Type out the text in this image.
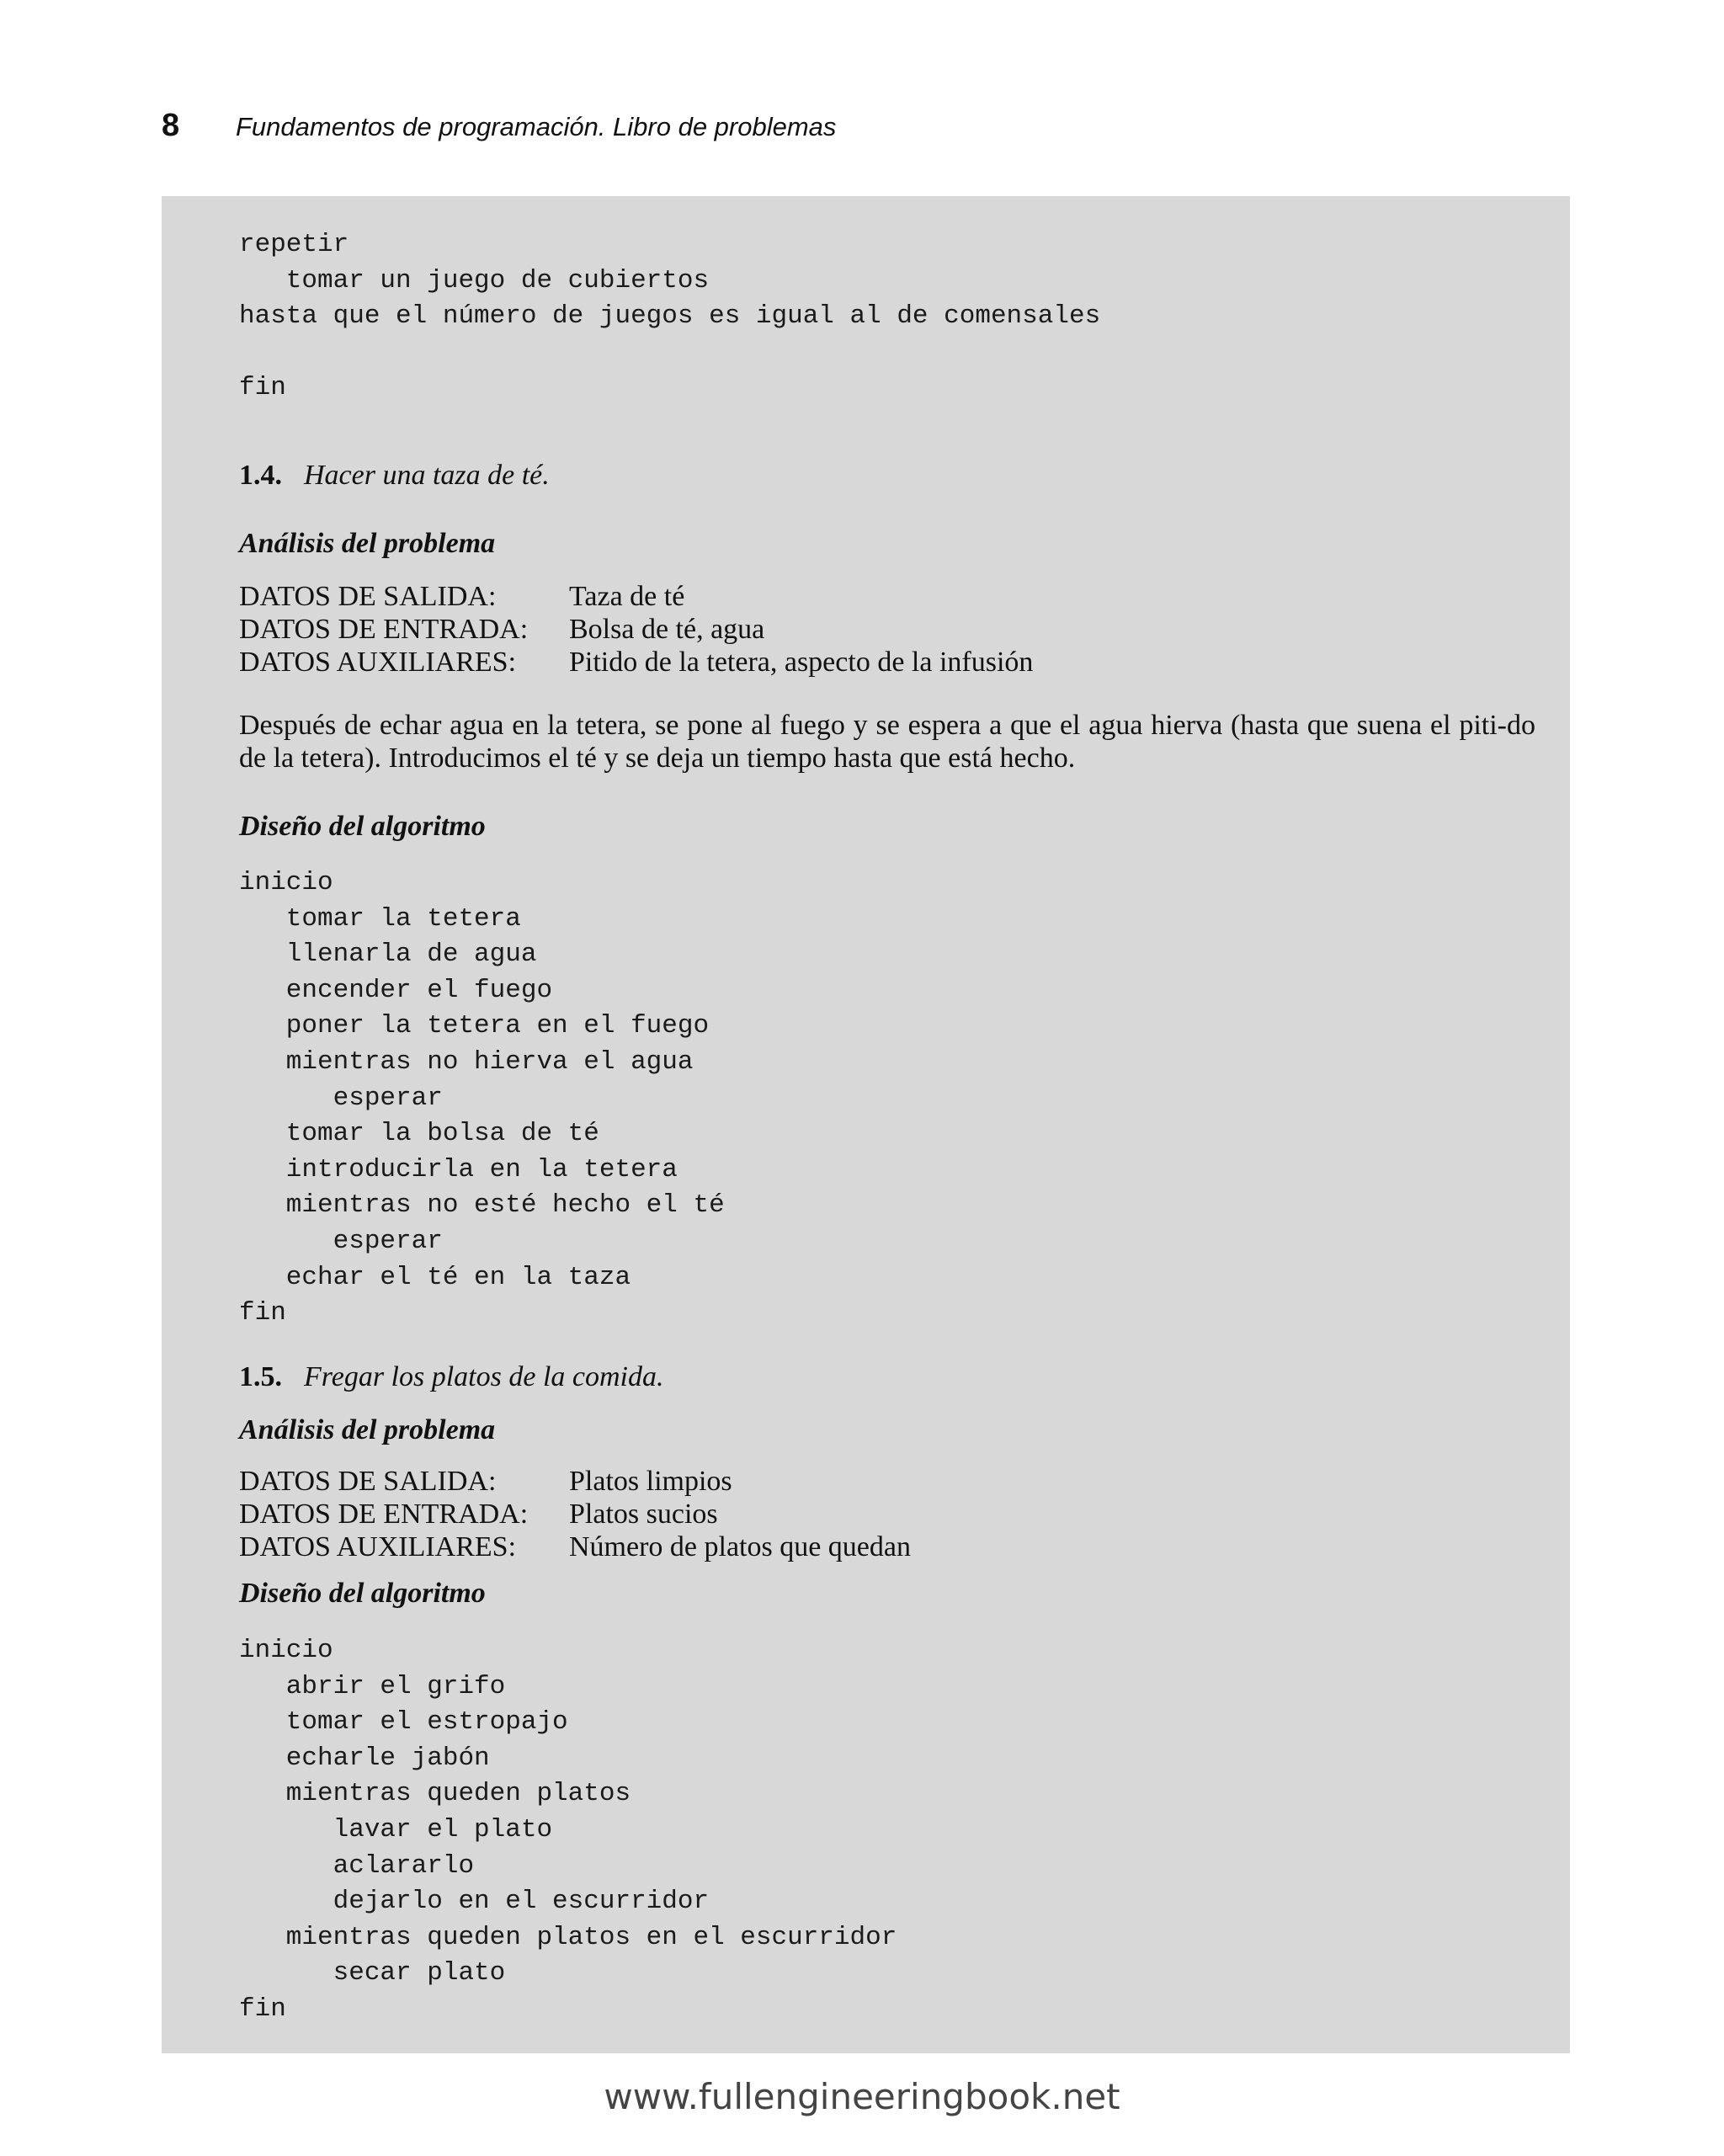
8	Fundamentos de programación. Libro de problemas
repetir
tomar un juego de cubiertos
hasta que el número de juegos es igual al de comensales

fin
1.4. Hacer una taza de té.
Análisis del problema
DATOS DE SALIDA:	Taza de té
DATOS DE ENTRADA:	Bolsa de té, agua
DATOS AUXILIARES:	Pitido de la tetera, aspecto de la infusión
Después de echar agua en la tetera, se pone al fuego y se espera a que el agua hierva (hasta que suena el piti-do de la tetera). Introducimos el té y se deja un tiempo hasta que está hecho.
Diseño del algoritmo
inicio
tomar la tetera
llenarla de agua
encender el fuego
poner la tetera en el fuego
mientras no hierva el agua
esperar
tomar la bolsa de té
introducirla en la tetera
mientras no esté hecho el té
esperar
echar el té en la taza
fin
1.5. Fregar los platos de la comida.
Análisis del problema
DATOS DE SALIDA:	Platos limpios
DATOS DE ENTRADA:	Platos sucios
DATOS AUXILIARES:	Número de platos que quedan
Diseño del algoritmo
inicio
abrir el grifo
tomar el estropajo
echarle jabón
mientras queden platos
lavar el plato
aclararlo
dejarlo en el escurridor
mientras queden platos en el escurridor
secar plato
fin
www.fullengineeringbook.net
